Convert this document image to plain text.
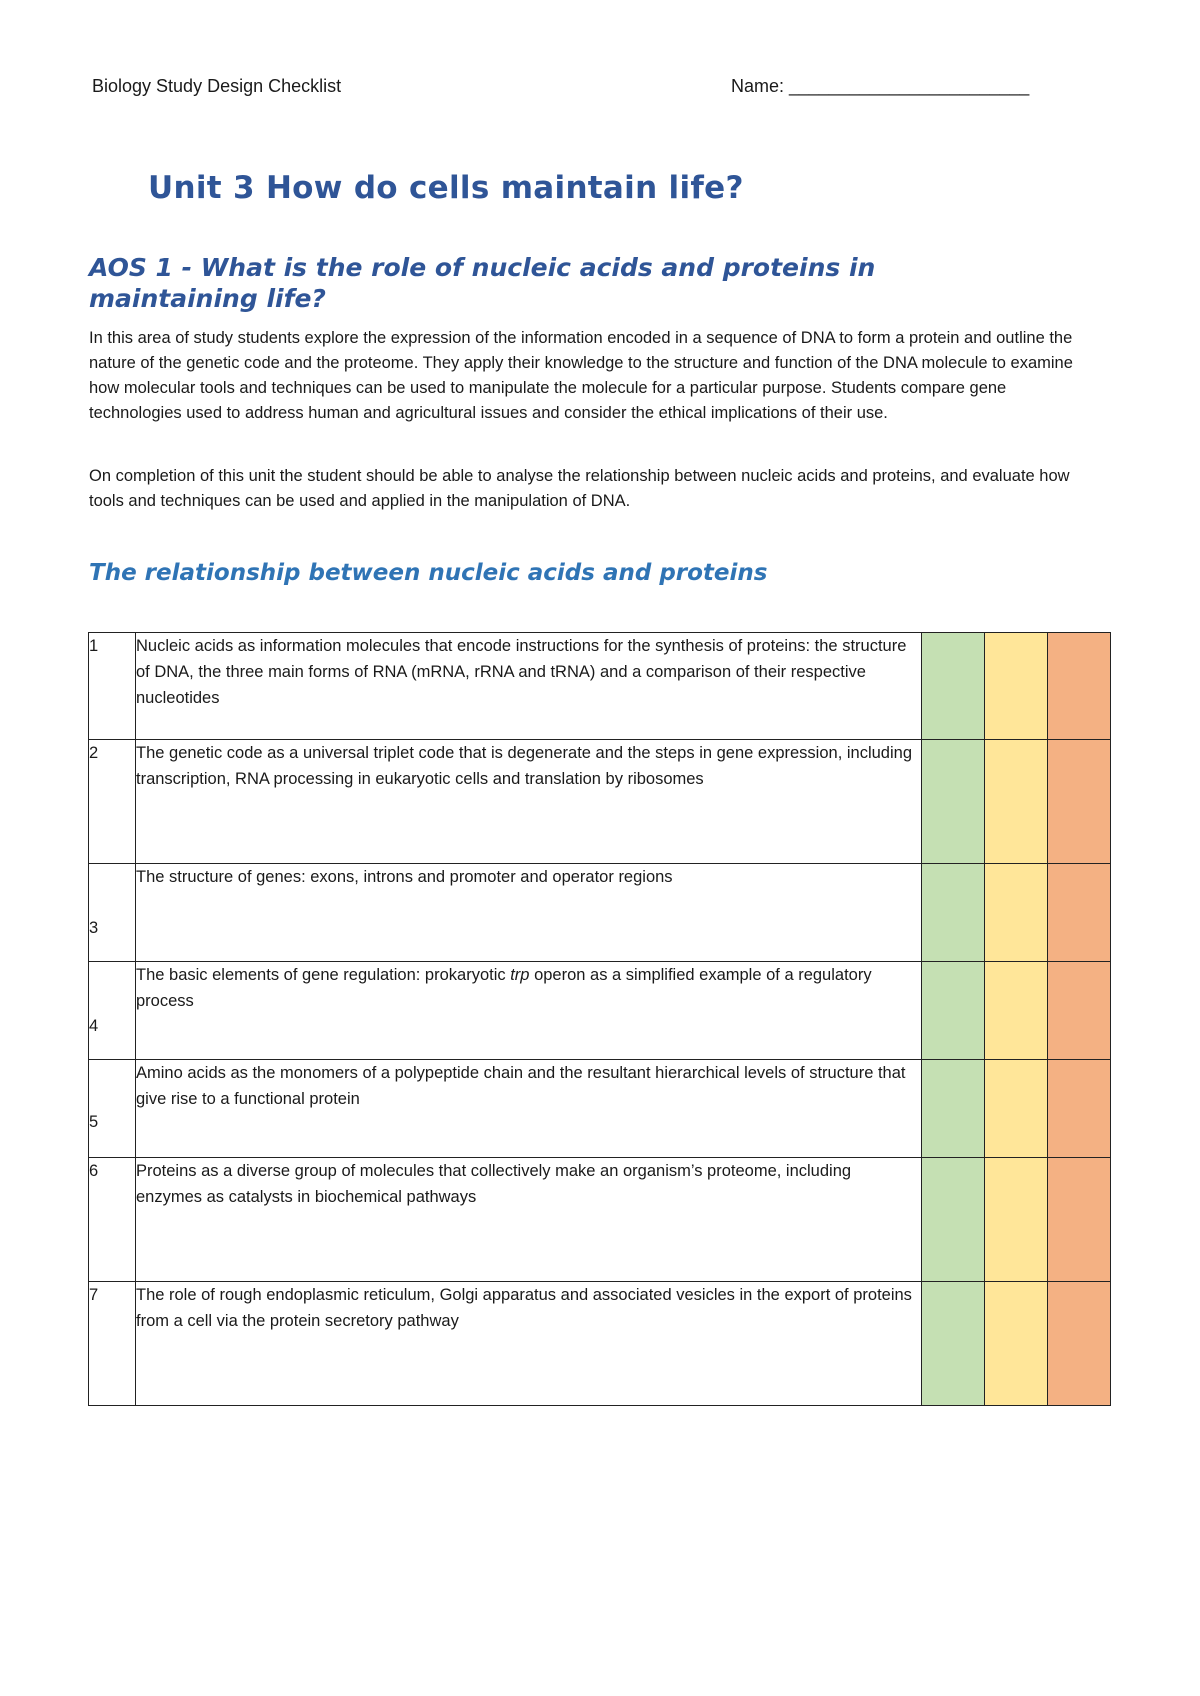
Biology Study Design Checklist	Name: ________________________
Unit 3 How do cells maintain life?
AOS 1 - What is the role of nucleic acids and proteins in maintaining life?

In this area of study students explore the expression of the information encoded in a sequence of DNA to form a protein and outline the nature of the genetic code and the proteome. They apply their knowledge to the structure and function of the DNA molecule to examine how molecular tools and techniques can be used to manipulate the molecule for a particular purpose. Students compare gene technologies used to address human and agricultural issues and consider the ethical implications of their use.

On completion of this unit the student should be able to analyse the relationship between nucleic acids and proteins, and evaluate how tools and techniques can be used and applied in the manipulation of DNA.

The relationship between nucleic acids and proteins
1	Nucleic acids as information molecules that encode instructions for the synthesis of proteins: the structure of DNA, the three main forms of RNA (mRNA, rRNA and tRNA) and a comparison of their respective nucleotides			
2	The genetic code as a universal triplet code that is degenerate and the steps in gene expression, including transcription, RNA processing in eukaryotic cells and translation by ribosomes			
3	The structure of genes: exons, introns and promoter and operator regions			
4	The basic elements of gene regulation: prokaryotic trp operon as a simplified example of a regulatory process			
5	Amino acids as the monomers of a polypeptide chain and the resultant hierarchical levels of structure that give rise to a functional protein			
6	Proteins as a diverse group of molecules that collectively make an organism’s proteome, including enzymes as catalysts in biochemical pathways			
7	The role of rough endoplasmic reticulum, Golgi apparatus and associated vesicles in the export of proteins from a cell via the protein secretory pathway			
